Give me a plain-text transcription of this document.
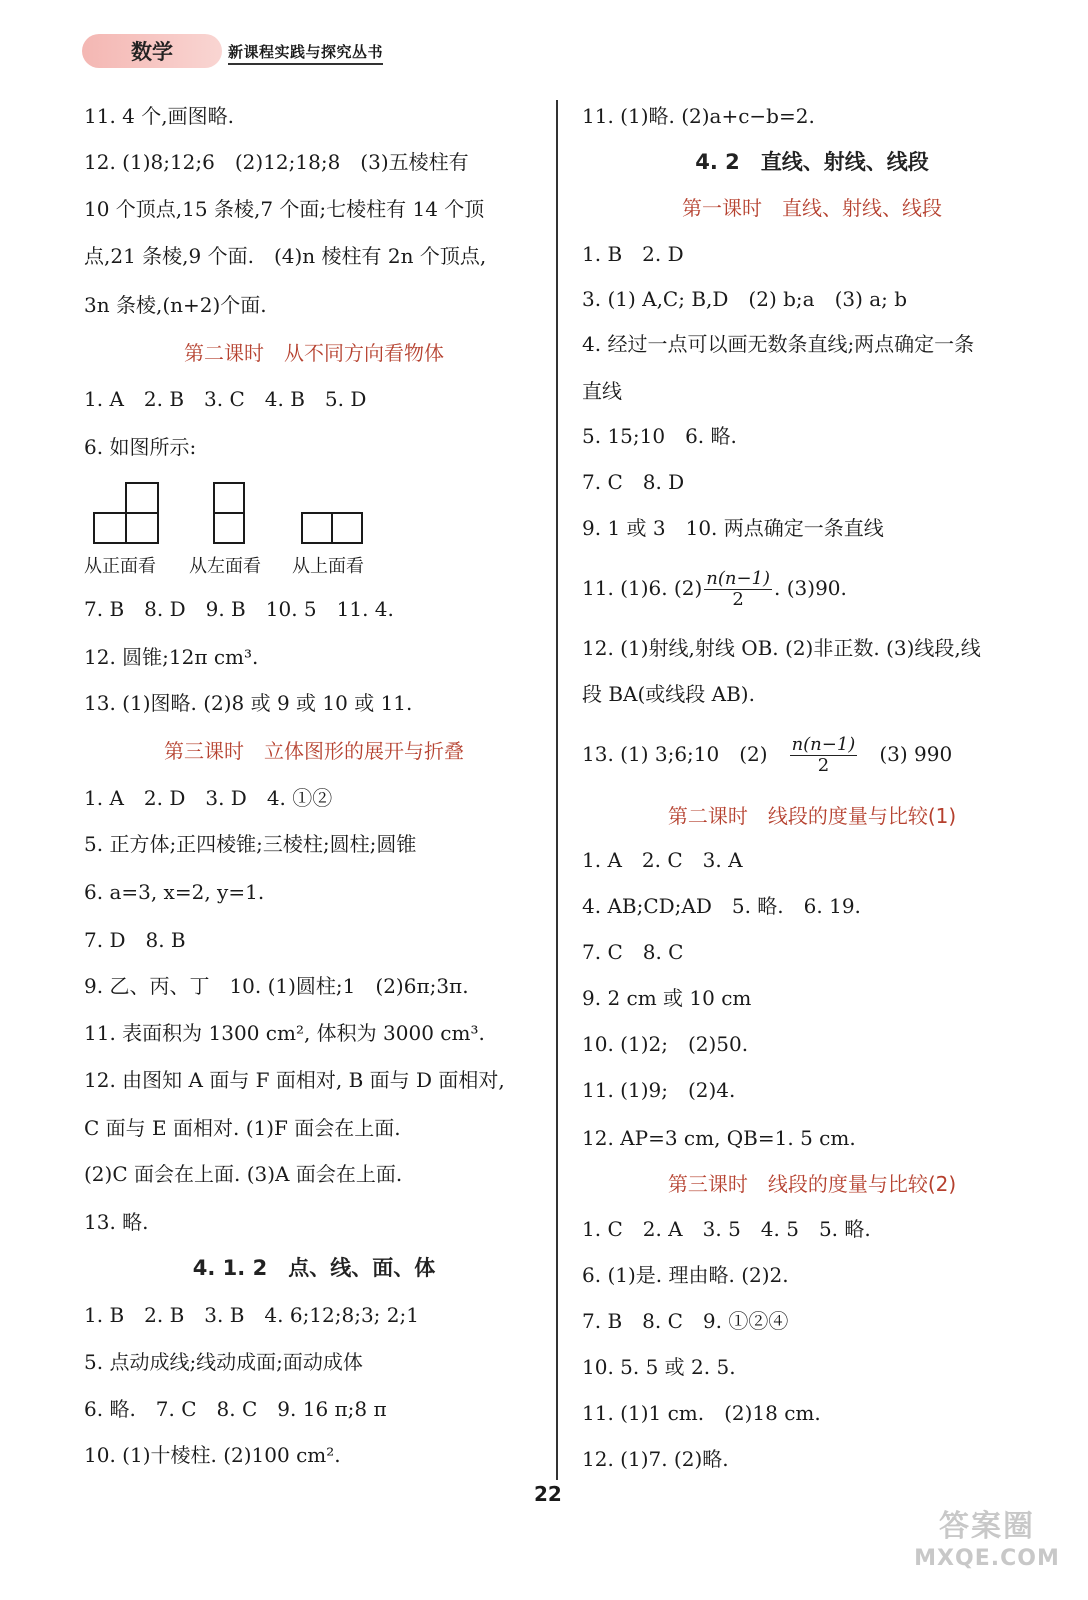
数学	新课程实践与探究丛书
11. 4 个,画图略.
12. (1)8;12;6　(2)12;18;8　(3)五棱柱有
10 个顶点,15 条棱,7 个面;七棱柱有 14 个顶
点,21 条棱,9 个面.　(4)n 棱柱有 2n 个顶点,
3n 条棱,(n+2)个面.
第二课时　从不同方向看物体
1. A　2. B　3. C　4. B　5. D
6. 如图所示:
7. B　8. D　9. B　10. 5　11. 4.
12. 圆锥;12π cm³.
13. (1)图略. (2)8 或 9 或 10 或 11.
第三课时　立体图形的展开与折叠
1. A　2. D　3. D　4. ①②
5. 正方体;正四棱锥;三棱柱;圆柱;圆锥
6. a=3, x=2, y=1.
7. D　8. B
9. 乙、丙、丁　10. (1)圆柱;1　(2)6π;3π.
11. 表面积为 1300 cm², 体积为 3000 cm³.
12. 由图知 A 面与 F 面相对, B 面与 D 面相对,
C 面与 E 面相对. (1)F 面会在上面.
(2)C 面会在上面. (3)A 面会在上面.
13. 略.
4. 1. 2　点、线、面、体
1. B　2. B　3. B　4. 6;12;8;3; 2;1
5. 点动成线;线动成面;面动成体
6. 略.　7. C　8. C　9. 16 π;8 π
10. (1)十棱柱. (2)100 cm².
从正面看 从左面看 从上面看
11. (1)略. (2)a+c−b=2.
4. 2　直线、射线、线段
第一课时　直线、射线、线段
1. B　2. D
3. (1) A,C; B,D　(2) b;a　(3) a; b
4. 经过一点可以画无数条直线;两点确定一条
直线
5. 15;10　6. 略.
7. C　8. D
9. 1 或 3　10. 两点确定一条直线
11. (1)6. $(2) \frac{n(n-1)}{2}$ . (3)90.
12. (1)射线,射线 OB. (2)非正数. (3)线段,线
段 BA(或线段 AB).
13. (1) 3;6;10　(2)　 $\frac{n(n-1)}{2}$
　 (3) 990
第二课时　线段的度量与比较(1)
1. A　2. C　3. A
4. AB;CD;AD　5. 略.　6. 19.
7. C　8. C
9. 2 cm 或 10 cm
10. (1)2;　(2)50.
11. (1)9;　(2)4.
12. AP=3 cm, QB=1. 5 cm.
第三课时　线段的度量与比较(2)
1. C　2. A　3. 5　4. 5　5. 略.
6. (1)是. 理由略. (2)2.
7. B　8. C　9. ①②④
10. 5. 5 或 2. 5.
11. (1)1 cm.　(2)18 cm.
12. (1)7. (2)略.
22
答案圈
MXQE.COM
